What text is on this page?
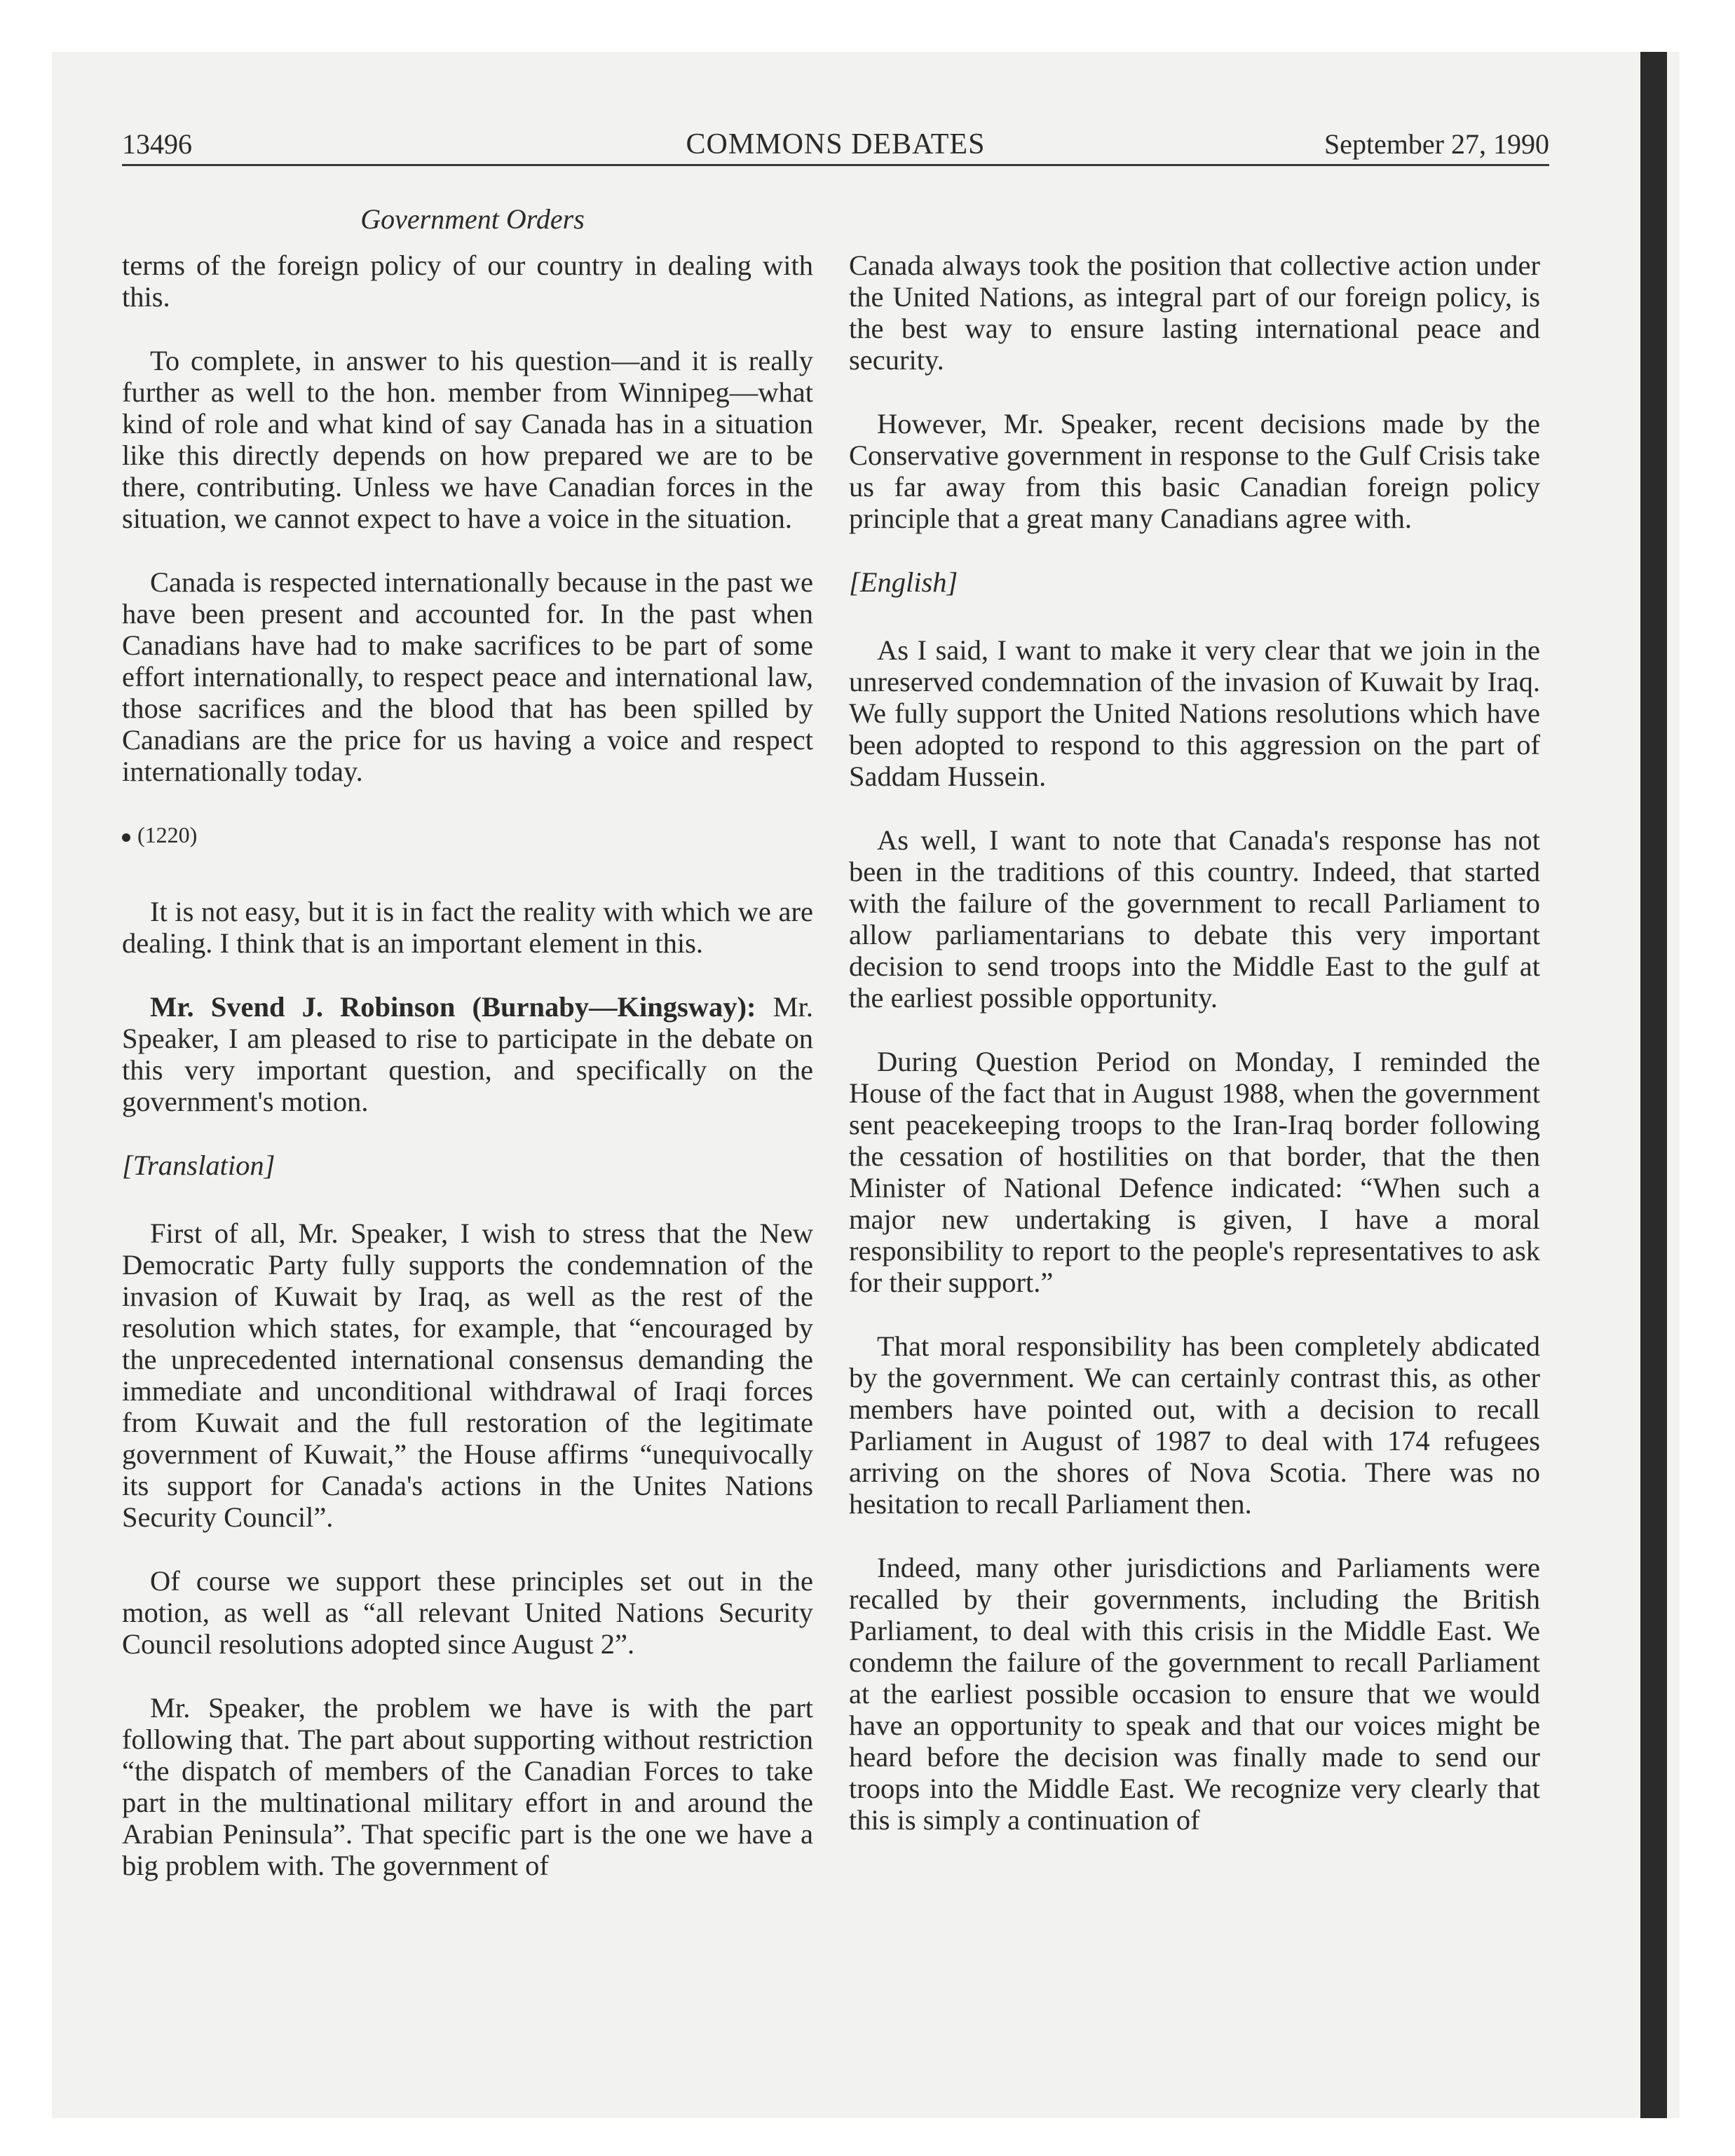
13496	COMMONS DEBATES	September 27, 1990
Government Orders

terms of the foreign policy of our country in dealing with this.

To complete, in answer to his question—and it is really further as well to the hon. member from Winnipeg—what kind of role and what kind of say Canada has in a situation like this directly depends on how prepared we are to be there, contributing. Unless we have Canadian forces in the situation, we cannot expect to have a voice in the situation.

Canada is respected internationally because in the past we have been present and accounted for. In the past when Canadians have had to make sacrifices to be part of some effort internationally, to respect peace and international law, those sacrifices and the blood that has been spilled by Canadians are the price for us having a voice and respect internationally today.

(1220)

It is not easy, but it is in fact the reality with which we are dealing. I think that is an important element in this.

Mr. Svend J. Robinson (Burnaby—Kingsway): Mr. Speaker, I am pleased to rise to participate in the debate on this very important question, and specifically on the government's motion.

[Translation]

First of all, Mr. Speaker, I wish to stress that the New Democratic Party fully supports the condemnation of the invasion of Kuwait by Iraq, as well as the rest of the resolution which states, for example, that “encouraged by the unprecedented international consensus demanding the immediate and unconditional withdrawal of Iraqi forces from Kuwait and the full restoration of the legitimate government of Kuwait,” the House affirms “unequivocally its support for Canada's actions in the Unites Nations Security Council”.

Of course we support these principles set out in the motion, as well as “all relevant United Nations Security Council resolutions adopted since August 2”.

Mr. Speaker, the problem we have is with the part following that. The part about supporting without restriction “the dispatch of members of the Canadian Forces to take part in the multinational military effort in and around the Arabian Peninsula”. That specific part is the one we have a big problem with. The government of

Canada always took the position that collective action under the United Nations, as integral part of our foreign policy, is the best way to ensure lasting international peace and security.

However, Mr. Speaker, recent decisions made by the Conservative government in response to the Gulf Crisis take us far away from this basic Canadian foreign policy principle that a great many Canadians agree with.

[English]

As I said, I want to make it very clear that we join in the unreserved condemnation of the invasion of Kuwait by Iraq. We fully support the United Nations resolutions which have been adopted to respond to this aggression on the part of Saddam Hussein.

As well, I want to note that Canada's response has not been in the traditions of this country. Indeed, that started with the failure of the government to recall Parliament to allow parliamentarians to debate this very important decision to send troops into the Middle East to the gulf at the earliest possible opportunity.

During Question Period on Monday, I reminded the House of the fact that in August 1988, when the government sent peacekeeping troops to the Iran-Iraq border following the cessation of hostilities on that border, that the then Minister of National Defence indicated: “When such a major new undertaking is given, I have a moral responsibility to report to the people's representatives to ask for their support.”

That moral responsibility has been completely abdicated by the government. We can certainly contrast this, as other members have pointed out, with a decision to recall Parliament in August of 1987 to deal with 174 refugees arriving on the shores of Nova Scotia. There was no hesitation to recall Parliament then.

Indeed, many other jurisdictions and Parliaments were recalled by their governments, including the British Parliament, to deal with this crisis in the Middle East. We condemn the failure of the government to recall Parliament at the earliest possible occasion to ensure that we would have an opportunity to speak and that our voices might be heard before the decision was finally made to send our troops into the Middle East. We recognize very clearly that this is simply a continuation of
